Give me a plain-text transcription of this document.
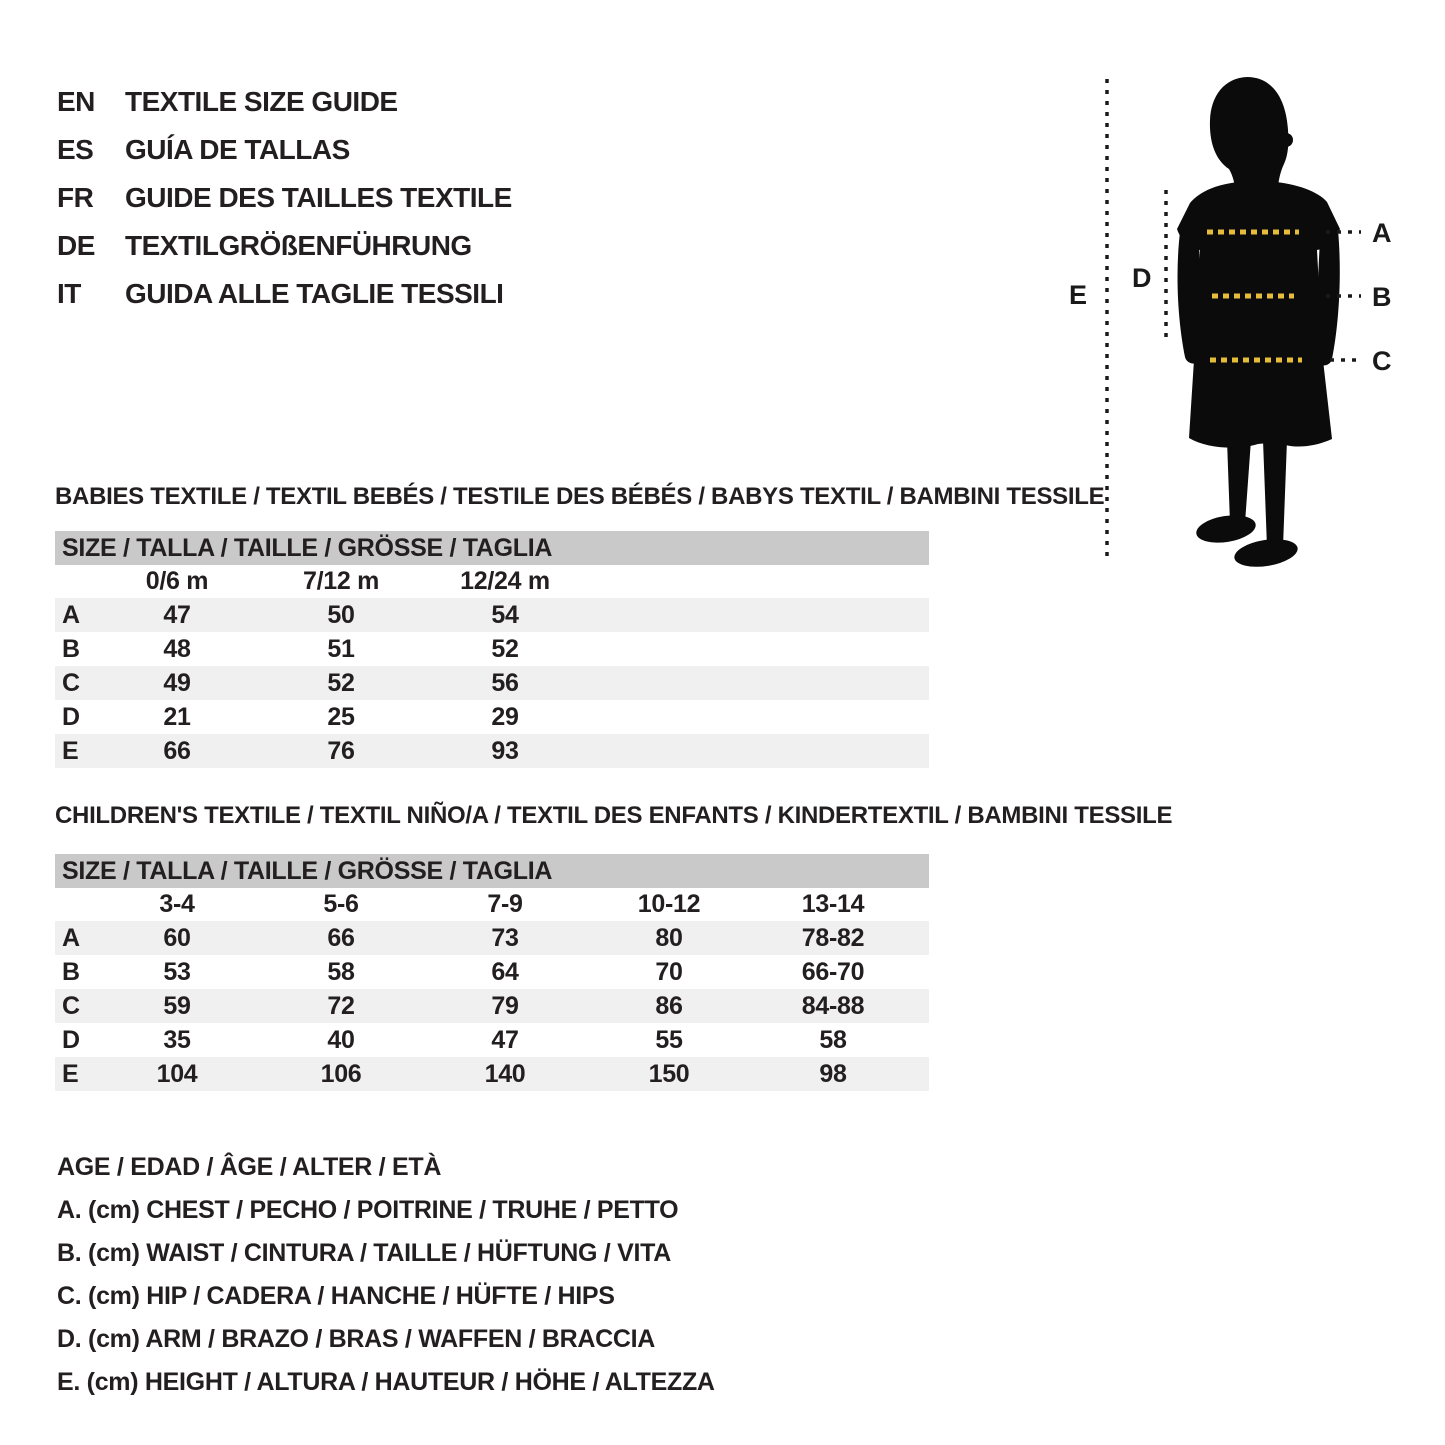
EN	TEXTILE SIZE GUIDE
ES	GUÍA DE TALLAS
FR	GUIDE DES TAILLES TEXTILE
DE	TEXTILGRÖßENFÜHRUNG
IT	GUIDA ALLE TAGLIE TESSILI	E
D
A
B
C
BABIES TEXTILE / TEXTIL BEBÉS / TESTILE DES BÉBÉS / BABYS TEXTIL / BAMBINI TESSILE
SIZE / TALLA / TAILLE / GRÖSSE / TAGLIA
0/6 m	7/12 m	12/24 m
A	47	50	54
B	48	51	52
C	49	52	56
D	21	25	29
E	66	76	93
CHILDREN'S TEXTILE / TEXTIL NIÑO/A / TEXTIL DES ENFANTS / KINDERTEXTIL / BAMBINI TESSILE
SIZE / TALLA / TAILLE / GRÖSSE / TAGLIA
3-4	5-6	7-9	10-12	13-14
A	60	66	73	80	78-82
B	53	58	64	70	66-70
C	59	72	79	86	84-88
D	35	40	47	55	58
E	104	106	140	150	98
AGE / EDAD / ÂGE / ALTER / ETÀ
A. (cm) CHEST / PECHO / POITRINE / TRUHE / PETTO
B. (cm) WAIST / CINTURA / TAILLE / HÜFTUNG / VITA
C. (cm) HIP / CADERA / HANCHE / HÜFTE / HIPS
D. (cm) ARM / BRAZO / BRAS / WAFFEN / BRACCIA
E. (cm) HEIGHT / ALTURA / HAUTEUR / HÖHE / ALTEZZA
